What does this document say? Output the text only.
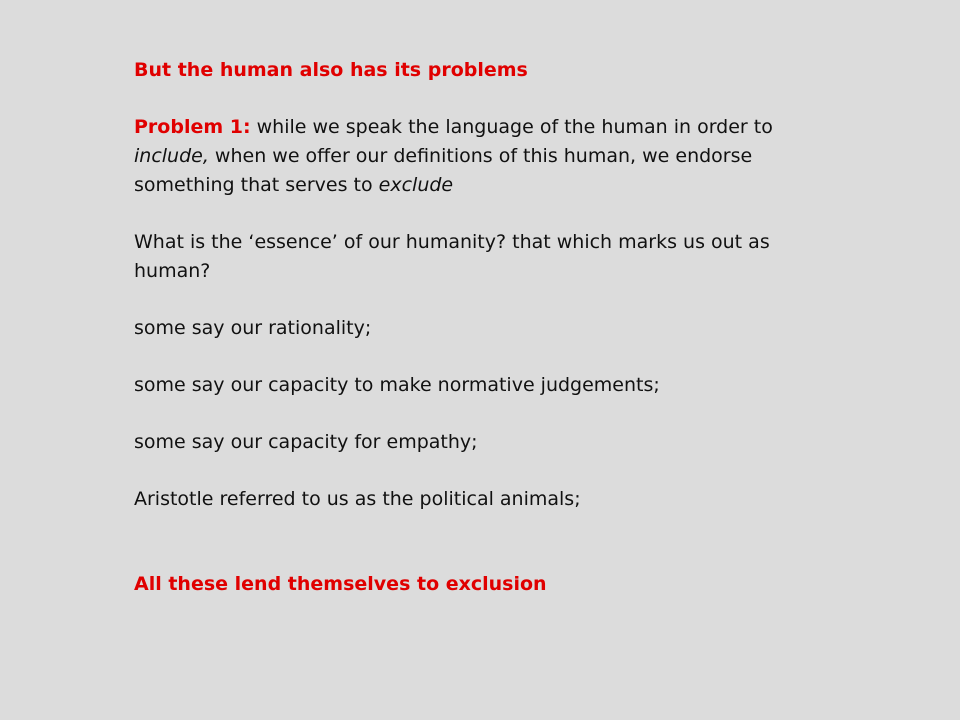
But the human also has its problems

Problem 1: while we speak the language of the human in order to include, when we offer our definitions of this human, we endorse something that serves to exclude

What is the ‘essence’ of our humanity? that which marks us out as human?

some say our rationality;

some say our capacity to make normative judgements;

some say our capacity for empathy;

Aristotle referred to us as the political animals;

All these lend themselves to exclusion
